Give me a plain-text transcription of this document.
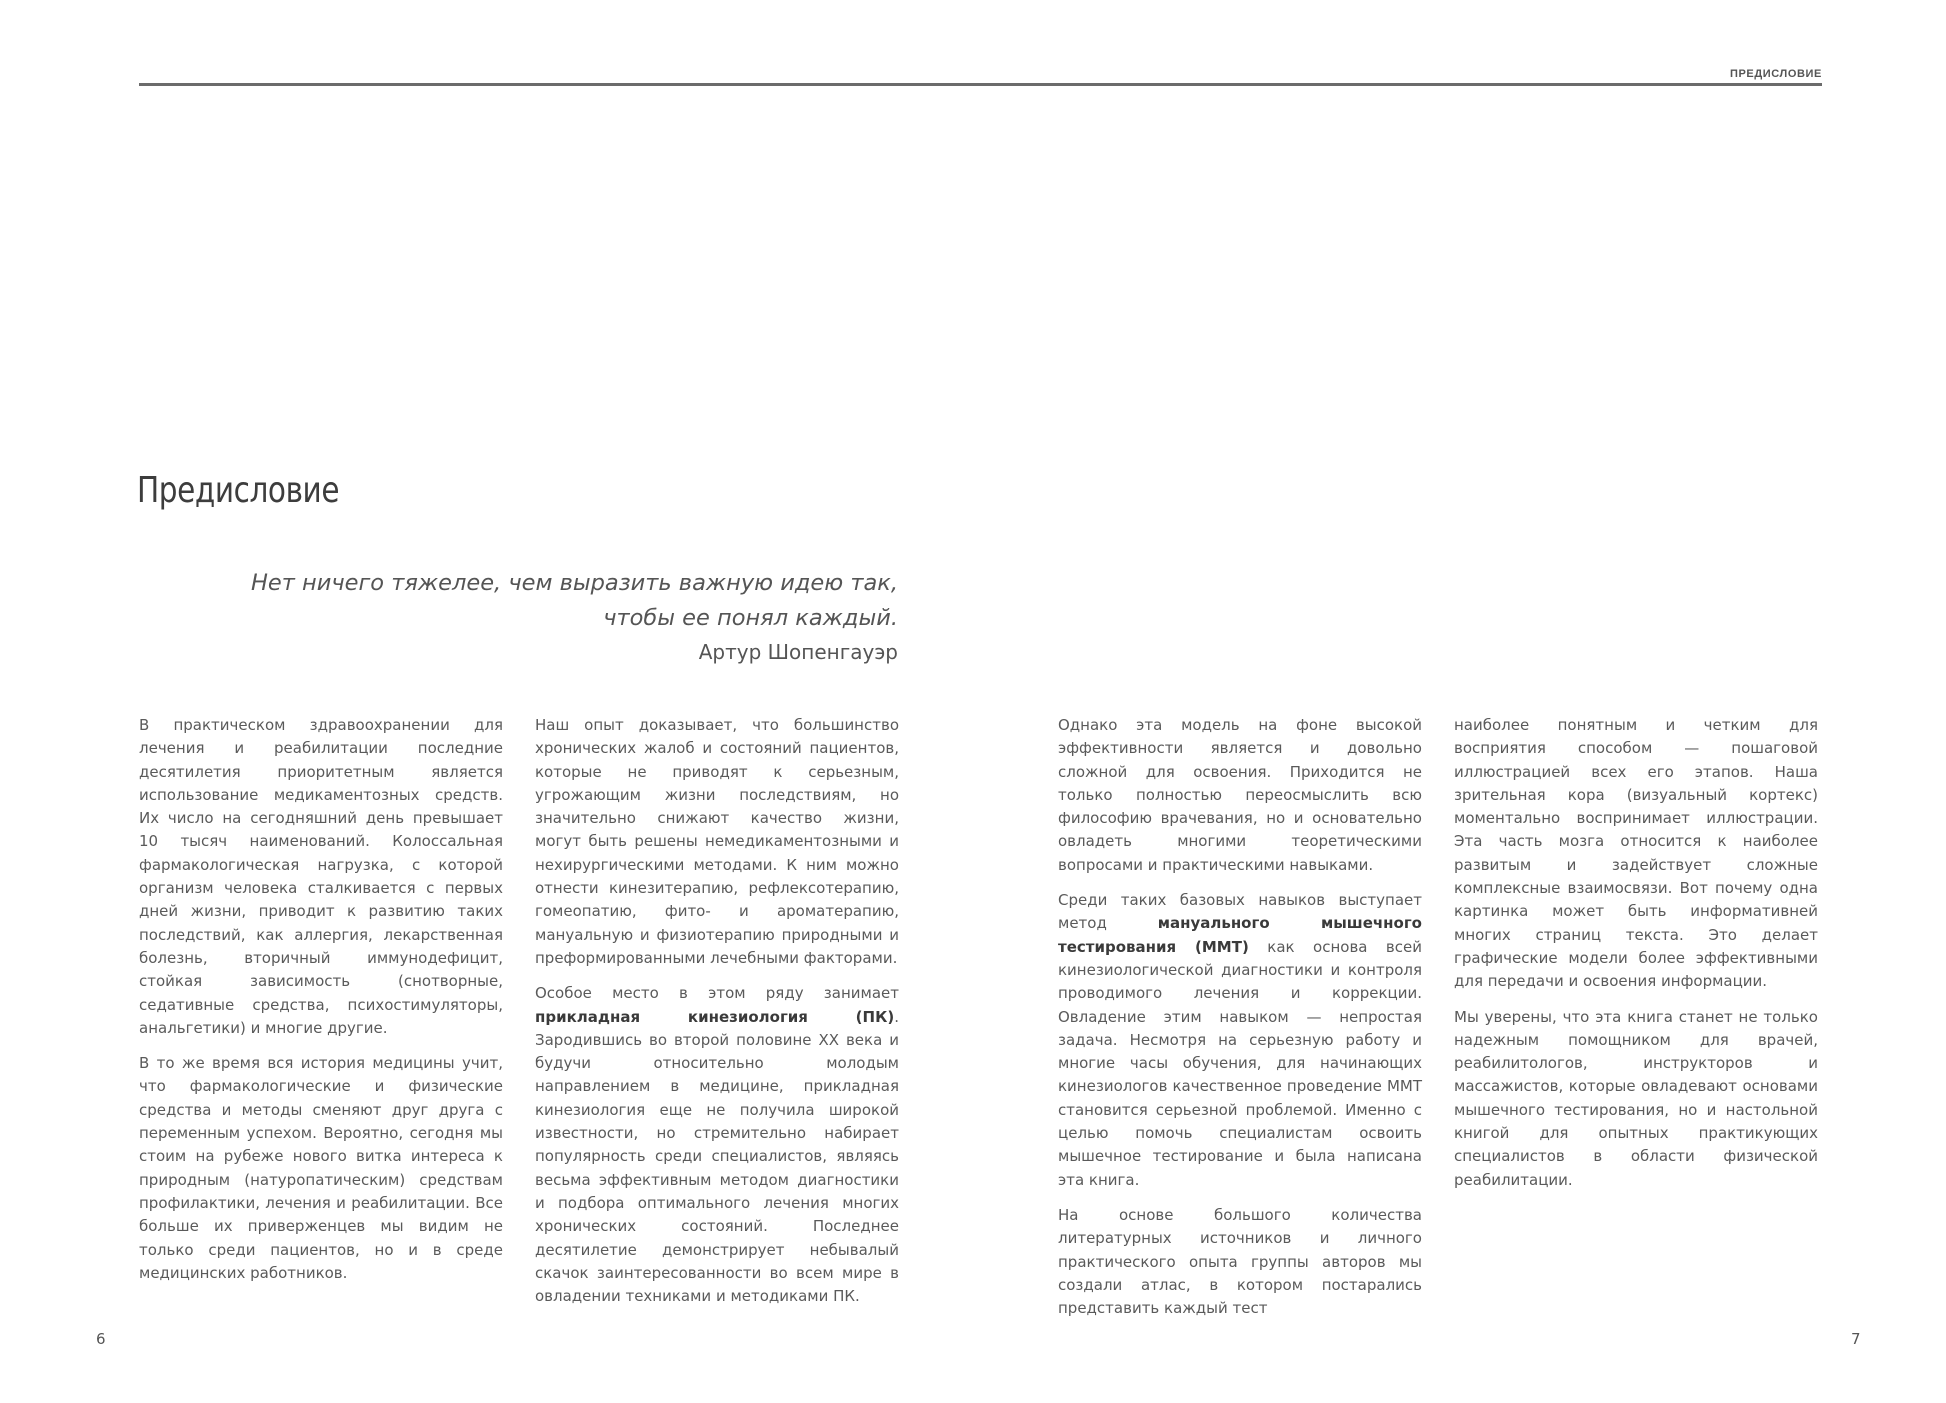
ПРЕДИСЛОВИЕ
Предисловие
Нет ничего тяжелее, чем выразить важную идею так,
чтобы ее понял каждый.
Артур Шопенгауэр

В практическом здравоохранении для лечения и реабилитации последние десятилетия приоритетным является использование медикаментозных средств. Их число на сегодняшний день превышает 10 тысяч наименований. Колоссальная фармакологическая нагрузка, с которой организм человека сталкивается с первых дней жизни, приводит к развитию таких последствий, как аллергия, лекарственная болезнь, вторичный иммунодефицит, стойкая зависимость (снотворные, седативные средства, психостимуляторы, анальгетики) и многие другие.

В то же время вся история медицины учит, что фармакологические и физические средства и методы сменяют друг друга с переменным успехом. Вероятно, сегодня мы стоим на рубеже нового витка интереса к природным (натуропатическим) средствам профилактики, лечения и реабилитации. Все больше их приверженцев мы видим не только среди пациентов, но и в среде медицинских работников.

Наш опыт доказывает, что большинство хронических жалоб и состояний пациентов, которые не приводят к серьезным, угрожающим жизни последствиям, но значительно снижают качество жизни, могут быть решены немедикаментозными и нехирургическими методами. К ним можно отнести кинезитерапию, рефлексотерапию, гомеопатию, фито- и ароматерапию, мануальную и физиотерапию природными и преформированными лечебными факторами.

Особое место в этом ряду занимает прикладная кинезиология (ПК). Зародившись во второй половине XX века и будучи относительно молодым направлением в медицине, прикладная кинезиология еще не получила широкой известности, но стремительно набирает популярность среди специалистов, являясь весьма эффективным методом диагностики и подбора оптимального лечения многих хронических состояний. Последнее десятилетие демонстрирует небывалый скачок заинтересованности во всем мире в овладении техниками и методиками ПК.

Однако эта модель на фоне высокой эффективности является и довольно сложной для освоения. Приходится не только полностью переосмыслить всю философию врачевания, но и основательно овладеть многими теоретическими вопросами и практическими навыками.

Среди таких базовых навыков выступает метод мануального мышечного тестирования (ММТ) как основа всей кинезиологической диагностики и контроля проводимого лечения и коррекции. Овладение этим навыком — непростая задача. Несмотря на серьезную работу и многие часы обучения, для начинающих кинезиологов качественное проведение ММТ становится серьезной проблемой. Именно с целью помочь специалистам освоить мышечное тестирование и была написана эта книга.

На основе большого количества литературных источников и личного практического опыта группы авторов мы создали атлас, в котором постарались представить каждый тест

наиболее понятным и четким для восприятия способом — пошаговой иллюстрацией всех его этапов. Наша зрительная кора (визуальный кортекс) моментально воспринимает иллюстрации. Эта часть мозга относится к наиболее развитым и задействует сложные комплексные взаимосвязи. Вот почему одна картинка может быть информативней многих страниц текста. Это делает графические модели более эффективными для передачи и освоения информации.

Мы уверены, что эта книга станет не только надежным помощником для врачей, реабилитологов, инструкторов и массажистов, которые овладевают основами мышечного тестирования, но и настольной книгой для опытных практикующих специалистов в области физической реабилитации.

6	7
